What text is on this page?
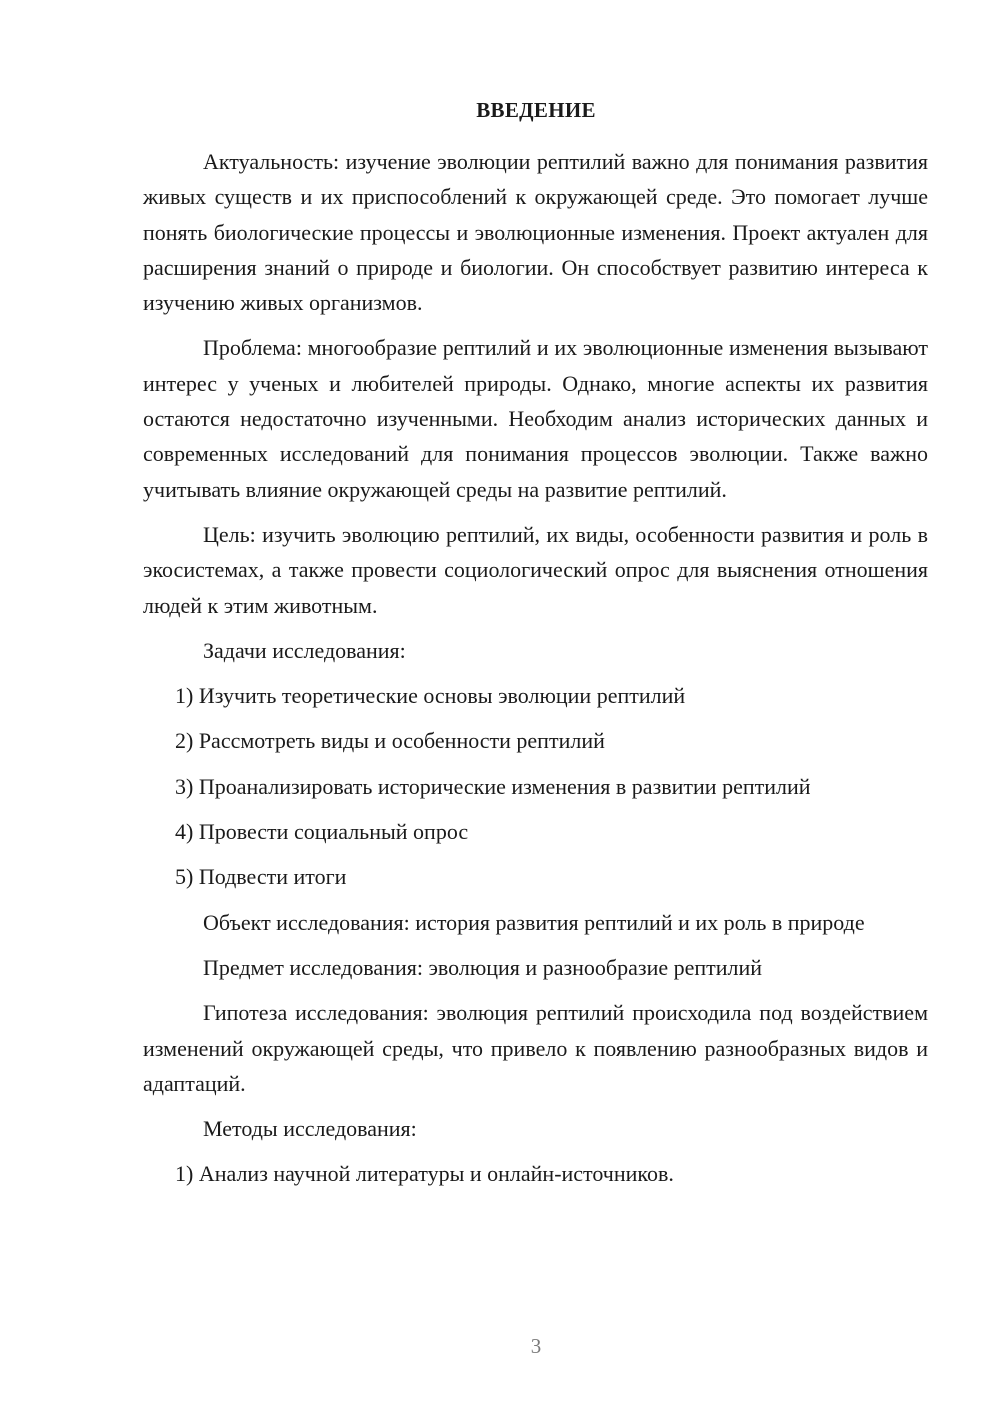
ВВЕДЕНИЕ

Актуальность: изучение эволюции рептилий важно для понимания развития живых существ и их приспособлений к окружающей среде. Это помогает лучше понять биологические процессы и эволюционные изменения. Проект актуален для расширения знаний о природе и биологии. Он способствует развитию интереса к изучению живых организмов.

Проблема: многообразие рептилий и их эволюционные изменения вызывают интерес у ученых и любителей природы. Однако, многие аспекты их развития остаются недостаточно изученными. Необходим анализ исторических данных и современных исследований для понимания процессов эволюции. Также важно учитывать влияние окружающей среды на развитие рептилий.

Цель: изучить эволюцию рептилий, их виды, особенности развития и роль в экосистемах, а также провести социологический опрос для выяснения отношения людей к этим животным.

Задачи исследования:

1) Изучить теоретические основы эволюции рептилий
2) Рассмотреть виды и особенности рептилий
3) Проанализировать исторические изменения в развитии рептилий
4) Провести социальный опрос
5) Подвести итоги

Объект исследования: история развития рептилий и их роль в природе

Предмет исследования: эволюция и разнообразие рептилий

Гипотеза исследования: эволюция рептилий происходила под воздействием изменений окружающей среды, что привело к появлению разнообразных видов и адаптаций.

Методы исследования:

1) Анализ научной литературы и онлайн-источников.
3
